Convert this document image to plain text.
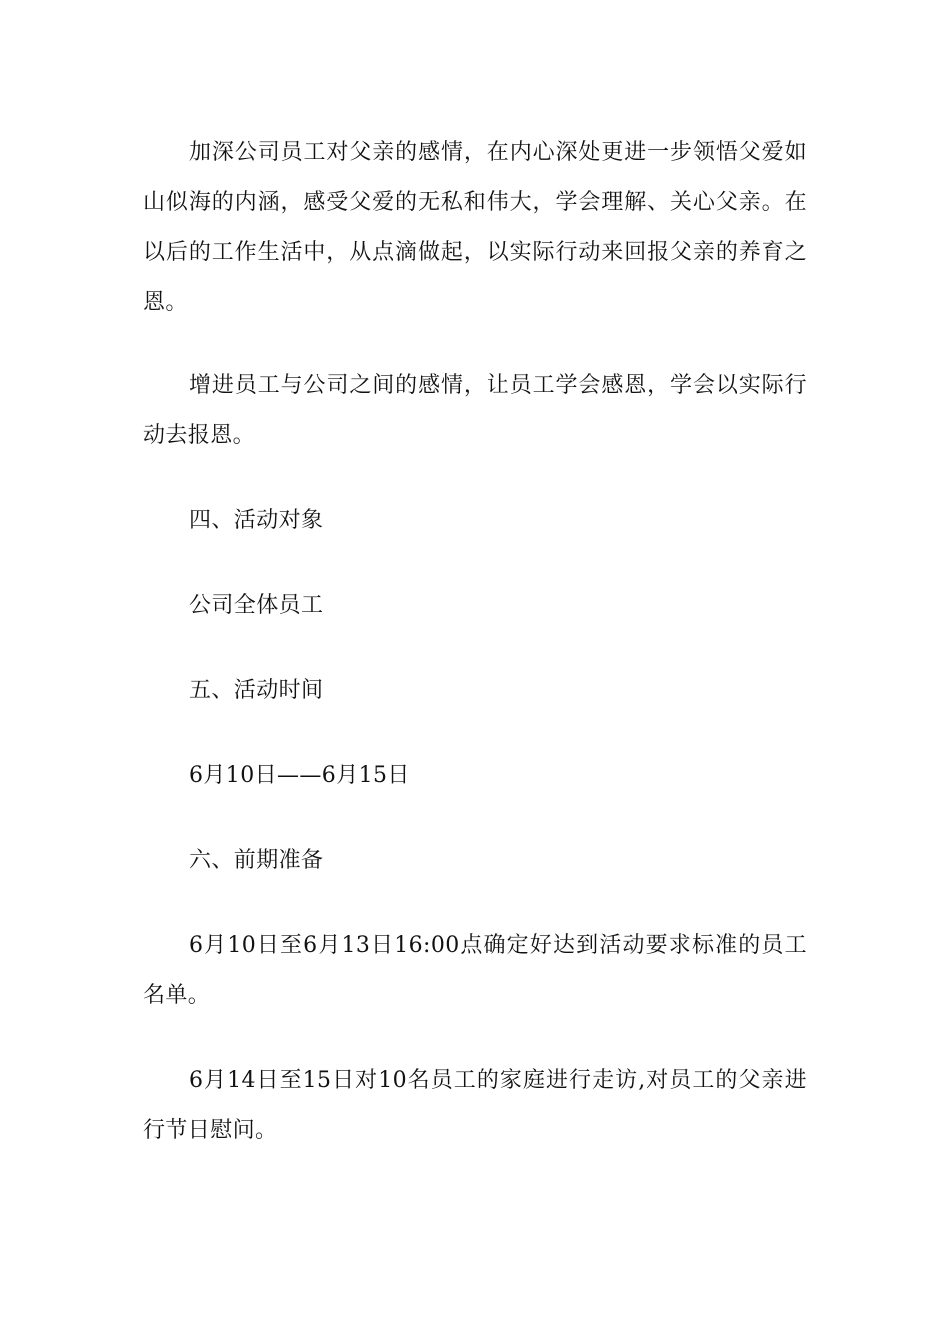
加深公司员工对父亲的感情，在内心深处更进一步领悟父爱如山似海的内涵，感受父爱的无私和伟大，学会理解、关心父亲。在以后的工作生活中，从点滴做起，以实际行动来回报父亲的养育之恩。

增进员工与公司之间的感情，让员工学会感恩，学会以实际行动去报恩。

四、活动对象

公司全体员工

五、活动时间

6月10日——6月15日

六、前期准备

6月10日至6月13日16:00点确定好达到活动要求标准的员工名单。

6月14日至15日对10名员工的家庭进行走访,对员工的父亲进行节日慰问。
